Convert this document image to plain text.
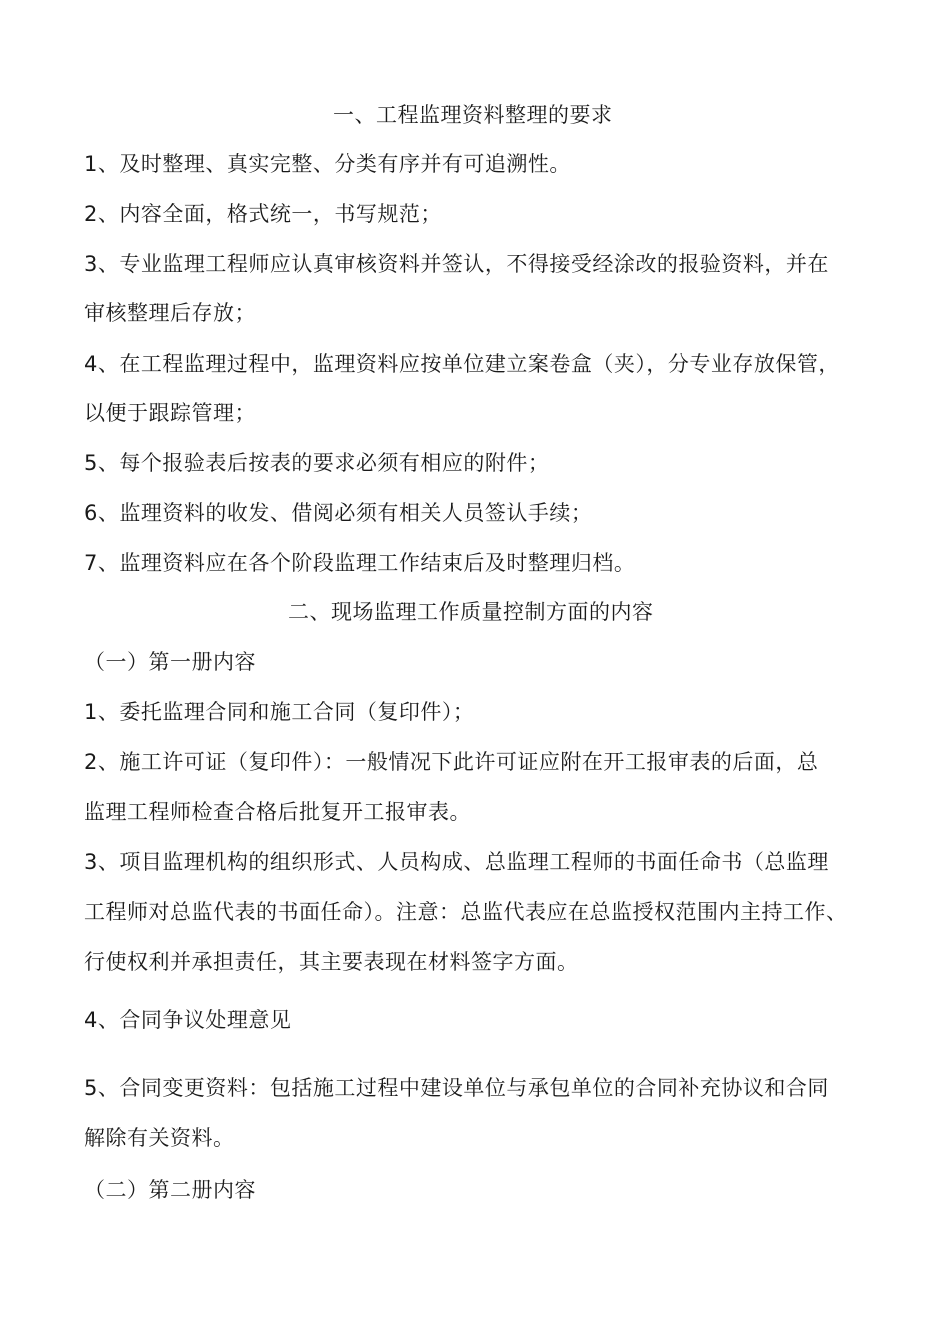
一、工程监理资料整理的要求
1、及时整理、真实完整、分类有序并有可追溯性。
2、内容全面，格式统一，书写规范；
3、专业监理工程师应认真审核资料并签认，不得接受经涂改的报验资料，并在
审核整理后存放；
4、在工程监理过程中，监理资料应按单位建立案卷盒（夹），分专业存放保管，
以便于跟踪管理；
5、每个报验表后按表的要求必须有相应的附件；
6、监理资料的收发、借阅必须有相关人员签认手续；
7、监理资料应在各个阶段监理工作结束后及时整理归档。
二、现场监理工作质量控制方面的内容
（一）第一册内容
1、委托监理合同和施工合同（复印件）；
2、施工许可证（复印件）：一般情况下此许可证应附在开工报审表的后面，总
监理工程师检查合格后批复开工报审表。
3、项目监理机构的组织形式、人员构成、总监理工程师的书面任命书（总监理
工程师对总监代表的书面任命）。注意：总监代表应在总监授权范围内主持工作、
行使权利并承担责任，其主要表现在材料签字方面。
4、合同争议处理意见
5、合同变更资料：包括施工过程中建设单位与承包单位的合同补充协议和合同
解除有关资料。
（二）第二册内容
